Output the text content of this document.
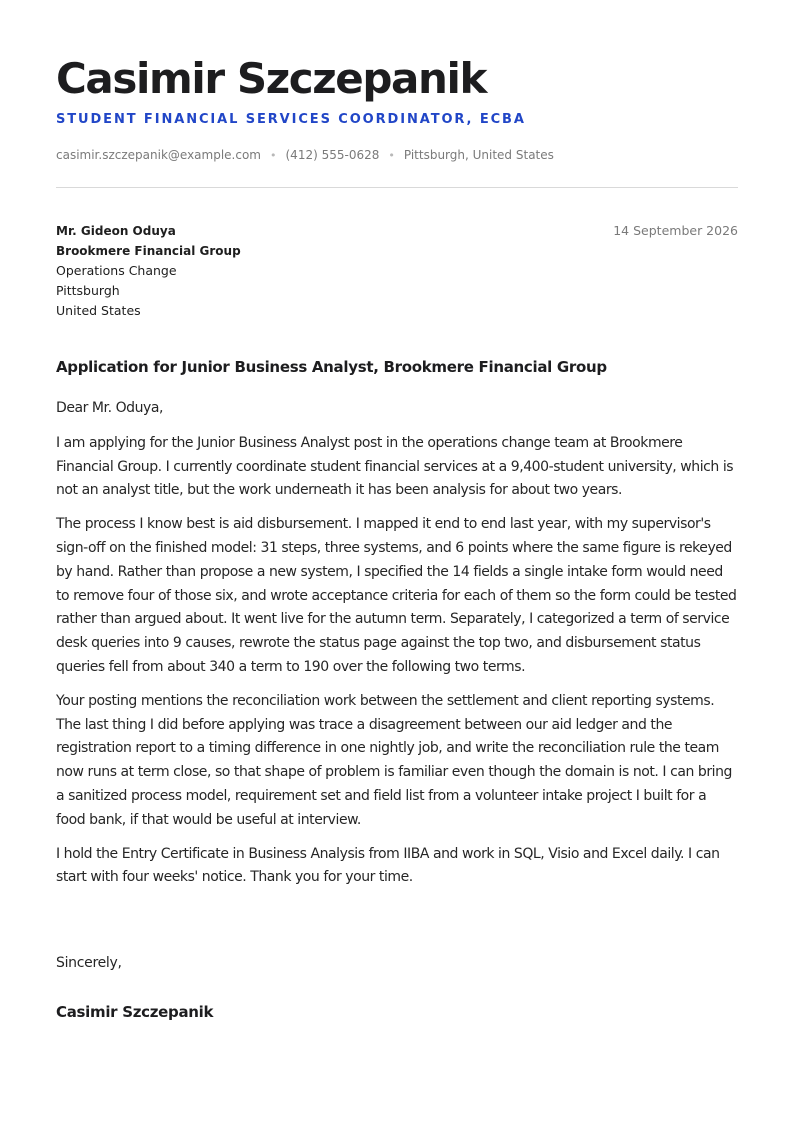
Casimir Szczepanik
STUDENT FINANCIAL SERVICES COORDINATOR, ECBA
casimir.szczepanik@example.com • (412) 555-0628 • Pittsburgh, United States
Mr. Gideon Oduya
Brookmere Financial Group
Operations Change
Pittsburgh
United States
14 September 2026
Application for Junior Business Analyst, Brookmere Financial Group

Dear Mr. Oduya,

I am applying for the Junior Business Analyst post in the operations change team at Brookmere Financial Group. I currently coordinate student financial services at a 9,400-student university, which is not an analyst title, but the work underneath it has been analysis for about two years.

The process I know best is aid disbursement. I mapped it end to end last year, with my supervisor's sign-off on the finished model: 31 steps, three systems, and 6 points where the same figure is rekeyed by hand. Rather than propose a new system, I specified the 14 fields a single intake form would need to remove four of those six, and wrote acceptance criteria for each of them so the form could be tested rather than argued about. It went live for the autumn term. Separately, I categorized a term of service desk queries into 9 causes, rewrote the status page against the top two, and disbursement status queries fell from about 340 a term to 190 over the following two terms.

Your posting mentions the reconciliation work between the settlement and client reporting systems. The last thing I did before applying was trace a disagreement between our aid ledger and the registration report to a timing difference in one nightly job, and write the reconciliation rule the team now runs at term close, so that shape of problem is familiar even though the domain is not. I can bring a sanitized process model, requirement set and field list from a volunteer intake project I built for a food bank, if that would be useful at interview.

I hold the Entry Certificate in Business Analysis from IIBA and work in SQL, Visio and Excel daily. I can start with four weeks' notice. Thank you for your time.

Sincerely,
Casimir Szczepanik
